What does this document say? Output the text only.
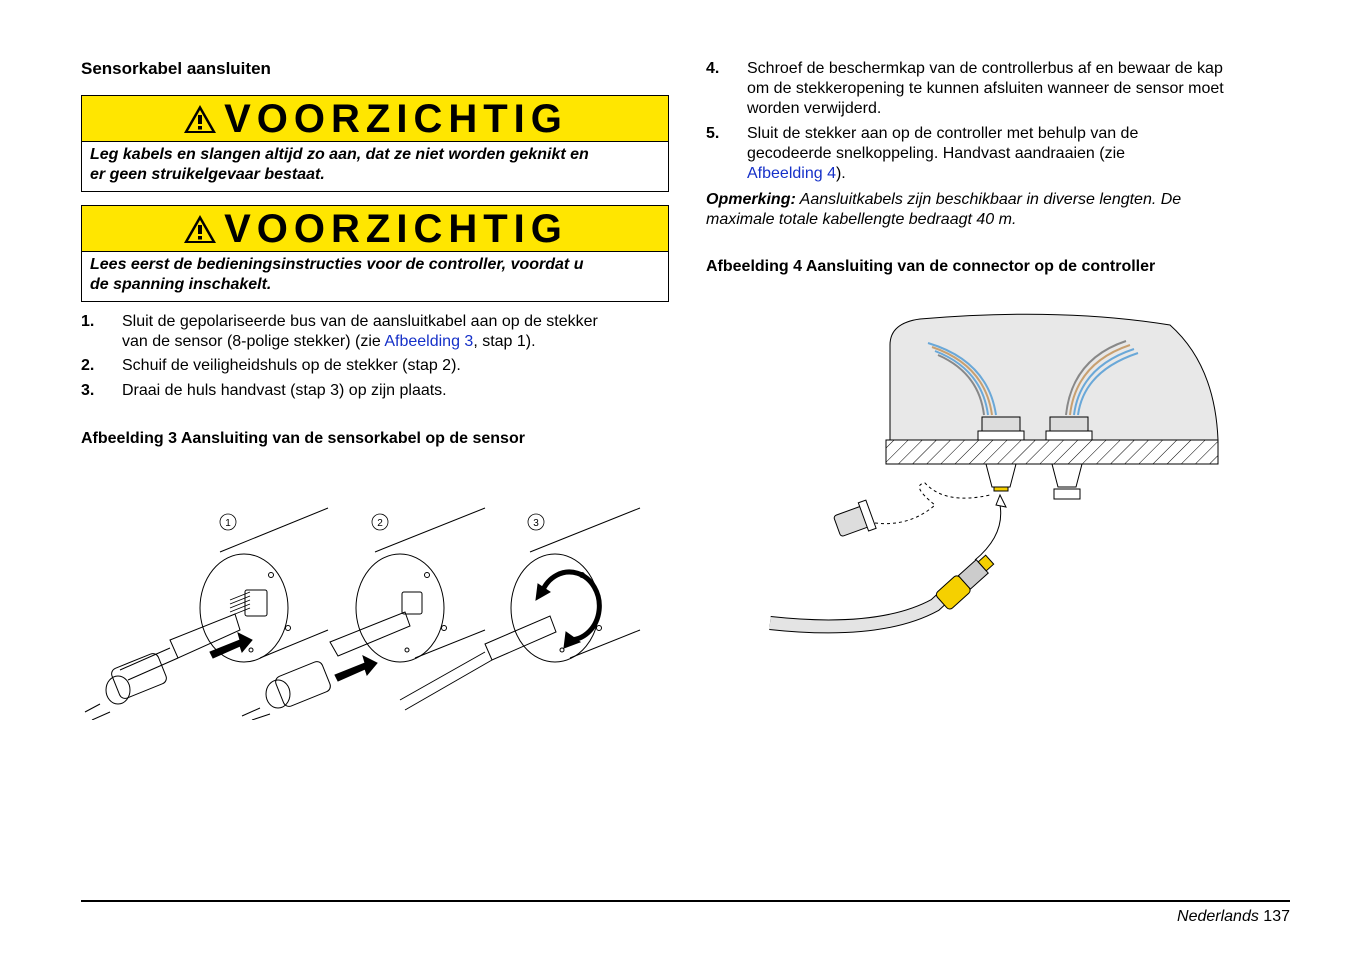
Sensorkabel aansluiten
VOORZICHTIG
Leg kabels en slangen altijd zo aan, dat ze niet worden geknikt en
er geen struikelgevaar bestaat.
VOORZICHTIG
Lees eerst de bedieningsinstructies voor de controller, voordat u
de spanning inschakelt.
1.	Sluit de gepolariseerde bus van de aansluitkabel aan op de stekker
van de sensor (8-polige stekker) (zie Afbeelding 3, stap 1).
2.	Schuif de veiligheidshuls op de stekker (stap 2).
3.	Draai de huls handvast (stap 3) op zijn plaats.
Afbeelding 3 Aansluiting van de sensorkabel op de sensor
1	2	3
4.	Schroef de beschermkap van de controllerbus af en bewaar de kap
om de stekkeropening te kunnen afsluiten wanneer de sensor moet
worden verwijderd.
5.	Sluit de stekker aan op de controller met behulp van de
gecodeerde snelkoppeling. Handvast aandraaien (zie
Afbeelding 4).
Opmerking: Aansluitkabels zijn beschikbaar in diverse lengten. De
maximale totale kabellengte bedraagt 40 m.
Afbeelding 4 Aansluiting van de connector op de controller
Nederlands 137
